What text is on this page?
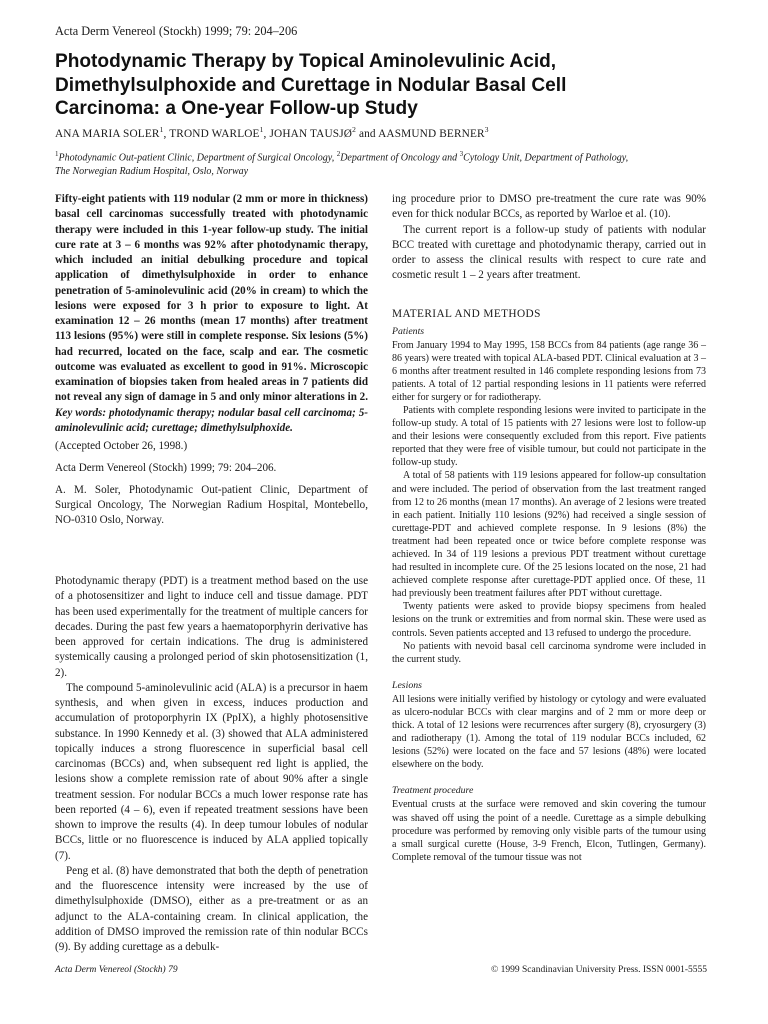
Acta Derm Venereol (Stockh) 1999; 79: 204–206
Photodynamic Therapy by Topical Aminolevulinic Acid,
Dimethylsulphoxide and Curettage in Nodular Basal Cell
Carcinoma: a One-year Follow-up Study
ANA MARIA SOLER$^1$, TROND WARLOE$^1$, JOHAN TAUSJØ$^2$ and AASMUND BERNER$^3$
$^1$Photodynamic Out-patient Clinic, Department of Surgical Oncology, $^2$Department of Oncology and $^3$Cytology Unit, Department of Pathology,
The Norwegian Radium Hospital, Oslo, Norway

Fifty-eight patients with 119 nodular (2 mm or more in thickness) basal cell carcinomas successfully treated with photodynamic therapy were included in this 1-year follow-up study. The initial cure rate at 3 – 6 months was 92% after photodynamic therapy, which included an initial debulking procedure and topical application of dimethylsulphoxide in order to enhance penetration of 5-aminolevulinic acid (20% in cream) to which the lesions were exposed for 3 h prior to exposure to light. At examination 12 – 26 months (mean 17 months) after treatment 113 lesions (95%) were still in complete response. Six lesions (5%) had recurred, located on the face, scalp and ear. The cosmetic outcome was evaluated as excellent to good in 91%. Microscopic examination of biopsies taken from healed areas in 7 patients did not reveal any sign of damage in 5 and only minor alterations in 2. Key words: photodynamic therapy; nodular basal cell carcinoma; 5-aminolevulinic acid; curettage; dimethylsulphoxide.

(Accepted October 26, 1998.)

Acta Derm Venereol (Stockh) 1999; 79: 204–206.

A. M. Soler, Photodynamic Out-patient Clinic, Department of Surgical Oncology, The Norwegian Radium Hospital, Montebello, NO-0310 Oslo, Norway.

Photodynamic therapy (PDT) is a treatment method based on the use of a photosensitizer and light to induce cell and tissue damage. PDT has been used experimentally for the treatment of multiple cancers for decades. During the past few years a haematoporphyrin derivative has been approved for certain indications. The drug is administered systemically causing a prolonged period of skin photosensitization (1, 2).

The compound 5-aminolevulinic acid (ALA) is a precursor in haem synthesis, and when given in excess, induces production and accumulation of protoporphyrin IX (PpIX), a highly photosensitive substance. In 1990 Kennedy et al. (3) showed that ALA administered topically induces a strong fluorescence in superficial basal cell carcinomas (BCCs) and, when subsequent red light is applied, the lesions show a complete remission rate of about 90% after a single treatment session. For nodular BCCs a much lower response rate has been reported (4 – 6), even if repeated treatment sessions have been shown to improve the results (4). In deep tumour lobules of nodular BCCs, little or no fluorescence is induced by ALA applied topically (7).

Peng et al. (8) have demonstrated that both the depth of penetration and the fluorescence intensity were increased by the use of dimethylsulphoxide (DMSO), either as a pre-treatment or as an adjunct to the ALA-containing cream. In clinical application, the addition of DMSO improved the remission rate of thin nodular BCCs (9). By adding curettage as a debulk-

ing procedure prior to DMSO pre-treatment the cure rate was 90% even for thick nodular BCCs, as reported by Warloe et al. (10).

The current report is a follow-up study of patients with nodular BCC treated with curettage and photodynamic therapy, carried out in order to assess the clinical results with respect to cure rate and cosmetic result 1 – 2 years after treatment.

MATERIAL AND METHODS
Patients

From January 1994 to May 1995, 158 BCCs from 84 patients (age range 36 – 86 years) were treated with topical ALA-based PDT. Clinical evaluation at 3 – 6 months after treatment resulted in 146 complete responding lesions from 73 patients. A total of 12 partial responding lesions in 11 patients were referred either for surgery or for radiotherapy.

Patients with complete responding lesions were invited to participate in the follow-up study. A total of 15 patients with 27 lesions were lost to follow-up and their lesions were consequently excluded from this report. Five patients reported that they were free of visible tumour, but could not participate in the follow-up study.

A total of 58 patients with 119 lesions appeared for follow-up consultation and were included. The period of observation from the last treatment ranged from 12 to 26 months (mean 17 months). An average of 2 lesions were treated in each patient. Initially 110 lesions (92%) had received a single session of curettage-PDT and achieved complete response. In 9 lesions (8%) the treatment had been repeated once or twice before complete response was achieved. In 34 of 119 lesions a previous PDT treatment without curettage had resulted in incomplete cure. Of the 25 lesions located on the nose, 21 had achieved complete response after curettage-PDT applied once. Of these, 11 had previously been treatment failures after PDT without curettage.

Twenty patients were asked to provide biopsy specimens from healed lesions on the trunk or extremities and from normal skin. These were used as controls. Seven patients accepted and 13 refused to undergo the procedure.

No patients with nevoid basal cell carcinoma syndrome were included in the current study.

Lesions

All lesions were initially verified by histology or cytology and were evaluated as ulcero-nodular BCCs with clear margins and of 2 mm or more deep or thick. A total of 12 lesions were recurrences after surgery (8), cryosurgery (3) and radiotherapy (1). Among the total of 119 nodular BCCs included, 62 lesions (52%) were located on the face and 57 lesions (48%) were located elsewhere on the body.

Treatment procedure

Eventual crusts at the surface were removed and skin covering the tumour was shaved off using the point of a needle. Curettage as a simple debulking procedure was performed by removing only visible parts of the tumour using a small surgical curette (House, 3-9 French, Elcon, Tutlingen, Germany). Complete removal of the tumour tissue was not

Acta Derm Venereol (Stockh) 79	© 1999 Scandinavian University Press. ISSN 0001-5555
